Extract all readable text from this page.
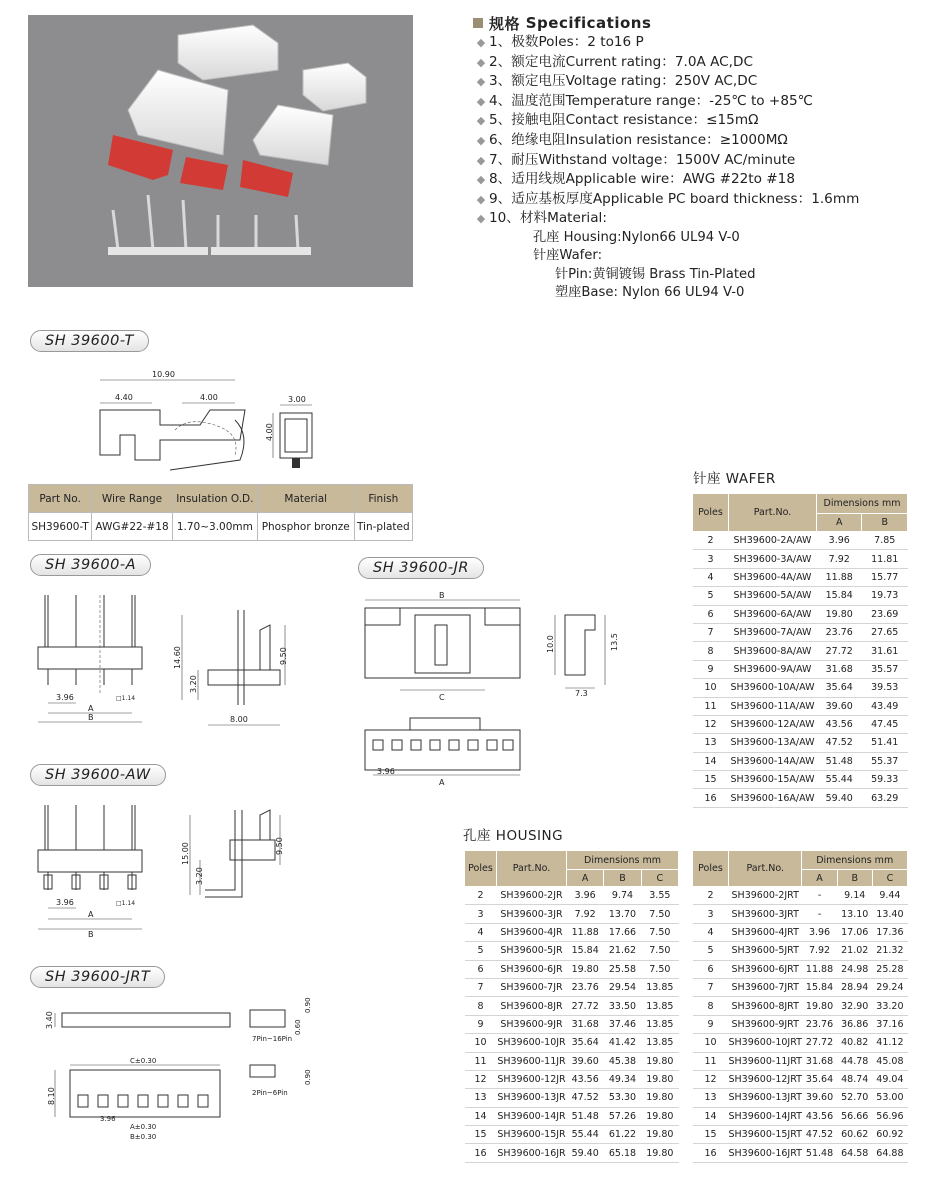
规格
Specifications
◆ 1、极数 Poles：2 to16 P
◆ 2、额定电流 Current rating：7.0A AC,DC
◆ 3、额定电压 Voltage rating：250V AC,DC
◆ 4、温度范围 Temperature range：-25℃ to +85℃
◆ 5、接触电阻 Contact resistance：≤15mΩ
◆ 6、绝缘电阻 Insulation resistance：≥1000MΩ
◆ 7、耐压 Withstand voltage：1500V AC/minute
◆ 8、适用线规 Applicable wire：AWG #22to #18
◆ 9、适应基板厚度 Applicable PC board thickness：1.6mm
◆ 10、材料 Material:
孔座 Housing:Nylon66 UL94 V-0
针座Wafer:
针Pin:黄铜镀锡 Brass Tin-Plated
塑座Base: Nylon 66 UL94 V-0
SH 39600-T
SH 39600-A	SH 39600-JR
SH 39600-AW
SH 39600-JRT
10.90
4.40	4.00	3.00
4.00
Part No.	Wire Range	Insulation O.D.	Material	Finish
SH39600-T	AWG#22-#18	1.70~3.00mm	Phosphor bronze	Tin-plated
3.96	□1.14
A
B
14.60
3.20
9.50
8.00
B
C
10.0	13.5
7.3
3.96
A
3.96	□1.14
A
B
15.00
3.20
9.50
3.40
7Pin~16Pin
0.90
0.60
C±0.30
8.10
3.96
A±0.30
B±0.30
2Pin~6Pin
0.90
针座 WAFER
Poles	Part.No.	Dimensions mm	
		A	B
2	SH39600-2A/AW	3.96	7.85
3	SH39600-3A/AW	7.92	11.81
4	SH39600-4A/AW	11.88	15.77
5	SH39600-5A/AW	15.84	19.73
6	SH39600-6A/AW	19.80	23.69
7	SH39600-7A/AW	23.76	27.65
8	SH39600-8A/AW	27.72	31.61
9	SH39600-9A/AW	31.68	35.57
10	SH39600-10A/AW	35.64	39.53
11	SH39600-11A/AW	39.60	43.49
12	SH39600-12A/AW	43.56	47.45
13	SH39600-13A/AW	47.52	51.41
14	SH39600-14A/AW	51.48	55.37
15	SH39600-15A/AW	55.44	59.33
16	SH39600-16A/AW	59.40	63.29
孔座 HOUSING
Poles	Part.No.	Dimensions mm		
		A	B	C
2	SH39600-2JR	3.96	9.74	3.55
3	SH39600-3JR	7.92	13.70	7.50
4	SH39600-4JR	11.88	17.66	7.50
5	SH39600-5JR	15.84	21.62	7.50
6	SH39600-6JR	19.80	25.58	7.50
7	SH39600-7JR	23.76	29.54	13.85
8	SH39600-8JR	27.72	33.50	13.85
9	SH39600-9JR	31.68	37.46	13.85
10	SH39600-10JR	35.64	41.42	13.85
11	SH39600-11JR	39.60	45.38	19.80
12	SH39600-12JR	43.56	49.34	19.80
13	SH39600-13JR	47.52	53.30	19.80
14	SH39600-14JR	51.48	57.26	19.80
15	SH39600-15JR	55.44	61.22	19.80
16	SH39600-16JR	59.40	65.18	19.80
Poles	Part.No.	Dimensions mm		
		A	B	C
2	SH39600-2JRT	-	9.14	9.44
3	SH39600-3JRT	-	13.10	13.40
4	SH39600-4JRT	3.96	17.06	17.36
5	SH39600-5JRT	7.92	21.02	21.32
6	SH39600-6JRT	11.88	24.98	25.28
7	SH39600-7JRT	15.84	28.94	29.24
8	SH39600-8JRT	19.80	32.90	33.20
9	SH39600-9JRT	23.76	36.86	37.16
10	SH39600-10JRT	27.72	40.82	41.12
11	SH39600-11JRT	31.68	44.78	45.08
12	SH39600-12JRT	35.64	48.74	49.04
13	SH39600-13JRT	39.60	52.70	53.00
14	SH39600-14JRT	43.56	56.66	56.96
15	SH39600-15JRT	47.52	60.62	60.92
16	SH39600-16JRT	51.48	64.58	64.88
